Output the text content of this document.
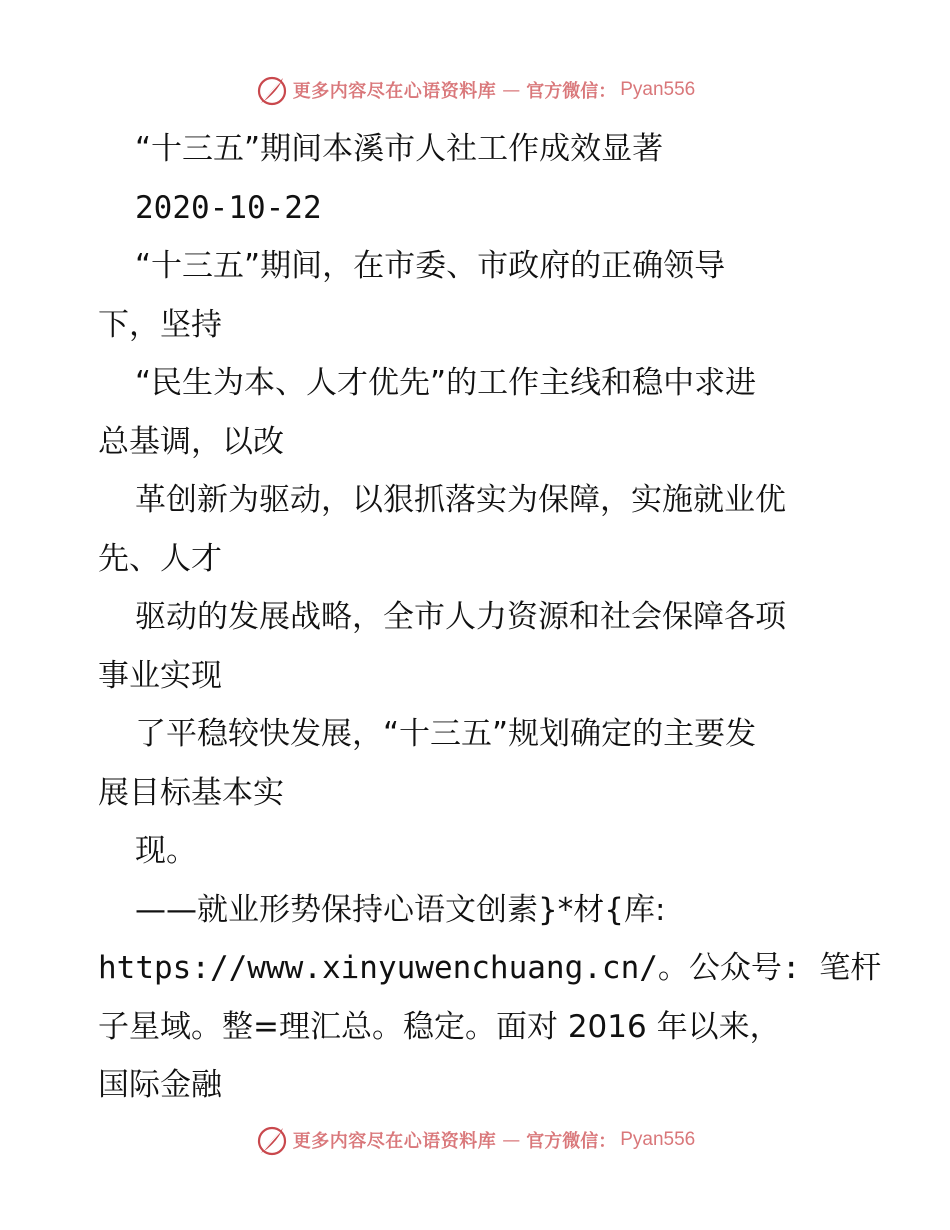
更多内容尽在心语资料库 — 官方微信： Pyan556
“十三五”期间本溪市人社工作成效显著
2020-10-22
“十三五”期间，在市委、市政府的正确领导
下，坚持
“民生为本、人才优先”的工作主线和稳中求进
总基调，以改
革创新为驱动，以狠抓落实为保障，实施就业优
先、人才
驱动的发展战略，全市人力资源和社会保障各项
事业实现
了平稳较快发展，“十三五”规划确定的主要发
展目标基本实
现。
——就业形势保持心语文创素}*材{库:
https://www.xinyuwenchuang.cn/。公众号: 笔杆
子星域。整=理汇总。稳定。面对 2016 年以来，
国际金融
更多内容尽在心语资料库 — 官方微信： Pyan556
